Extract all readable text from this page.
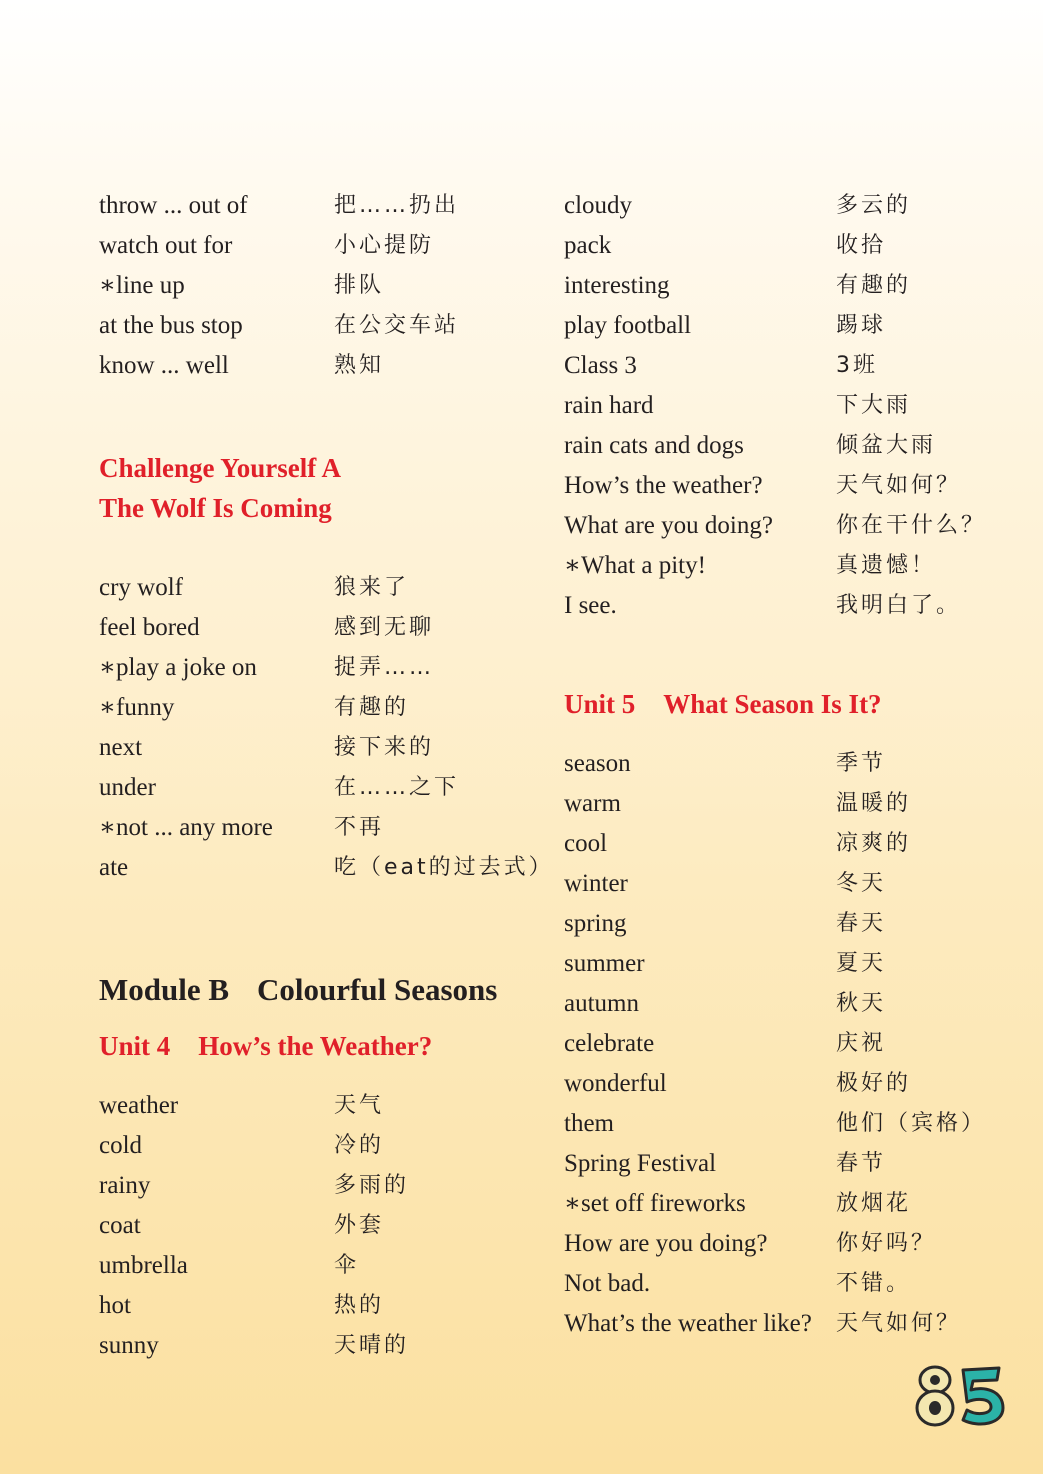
throw ... out of	把……扔出
watch out for	小心提防
∗line up	排队
at the bus stop	在公交车站
know ... well	熟知
Challenge Yourself A
The Wolf Is Coming
cry wolf	狼来了
feel bored	感到无聊
∗play a joke on	捉弄……
∗funny	有趣的
next	接下来的
under	在……之下
∗not ... any more	不再
ate	吃（eat的过去式）
Module B Colourful Seasons
Unit 4 How’s the Weather?
weather	天气
cold	冷的
rainy	多雨的
coat	外套
umbrella	伞
hot	热的
sunny	天晴的
cloudy	多云的
pack	收拾
interesting	有趣的
play football	踢球
Class 3	3班
rain hard	下大雨
rain cats and dogs	倾盆大雨
How’s the weather?	天气如何？
What are you doing?	你在干什么？
∗What a pity!	真遗憾！
I see.	我明白了。
Unit 5 What Season Is It?
season	季节
warm	温暖的
cool	凉爽的
winter	冬天
spring	春天
summer	夏天
autumn	秋天
celebrate	庆祝
wonderful	极好的
them	他们（宾格）
Spring Festival	春节
∗set off fireworks	放烟花
How are you doing?	你好吗？
Not bad.	不错。
What’s the weather like? 天气如何？
